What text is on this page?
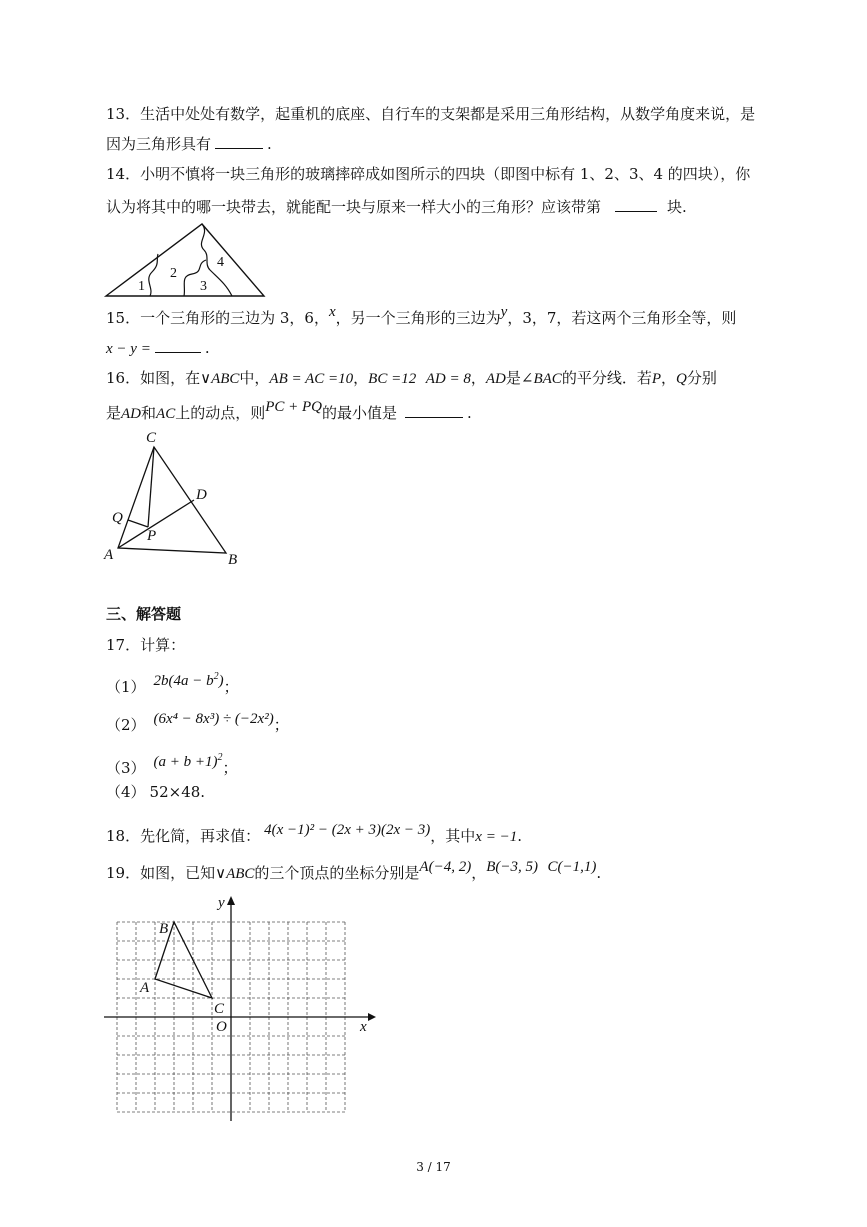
13．生活中处处有数学，起重机的底座、自行车的支架都是采用三角形结构，从数学角度来说，是
因为三角形具有	.
14．小明不慎将一块三角形的玻璃摔碎成如图所示的四块（即图中标有 1、2、3、4 的四块），你
认为将其中的哪一块带去，就能配一块与原来一样大小的三角形？应该带第	块.
1
2
3
4
15．一个三角形的三边为 3，6，x，另一个三角形的三边为y，3，7，若这两个三角形全等，则
x − y =	.
16．如图，在∨ABC中，AB = AC =10，BC =12 AD = 8，AD是∠BAC的平分线．若P，Q分别
是AD和AC上的动点，则PC + PQ的最小值是	.
C
D
Q
P
A	B
三、解答题
17．计算：
（1） $2b(4a - b^2)$；
（2） (6x⁴ − 8x³) ÷ (−2x²)；
（3） $(a + b +1)^2$；
（4） 52×48.
18．先化简，再求值： 4(x −1)² − (2x + 3)(2x − 3)，其中x = −1.
19．如图，已知∨ABC的三个顶点的坐标分别是A(−4, 2)，B(−3, 5) C(−1,1).
x
y
O
A
B
C
3 / 17
